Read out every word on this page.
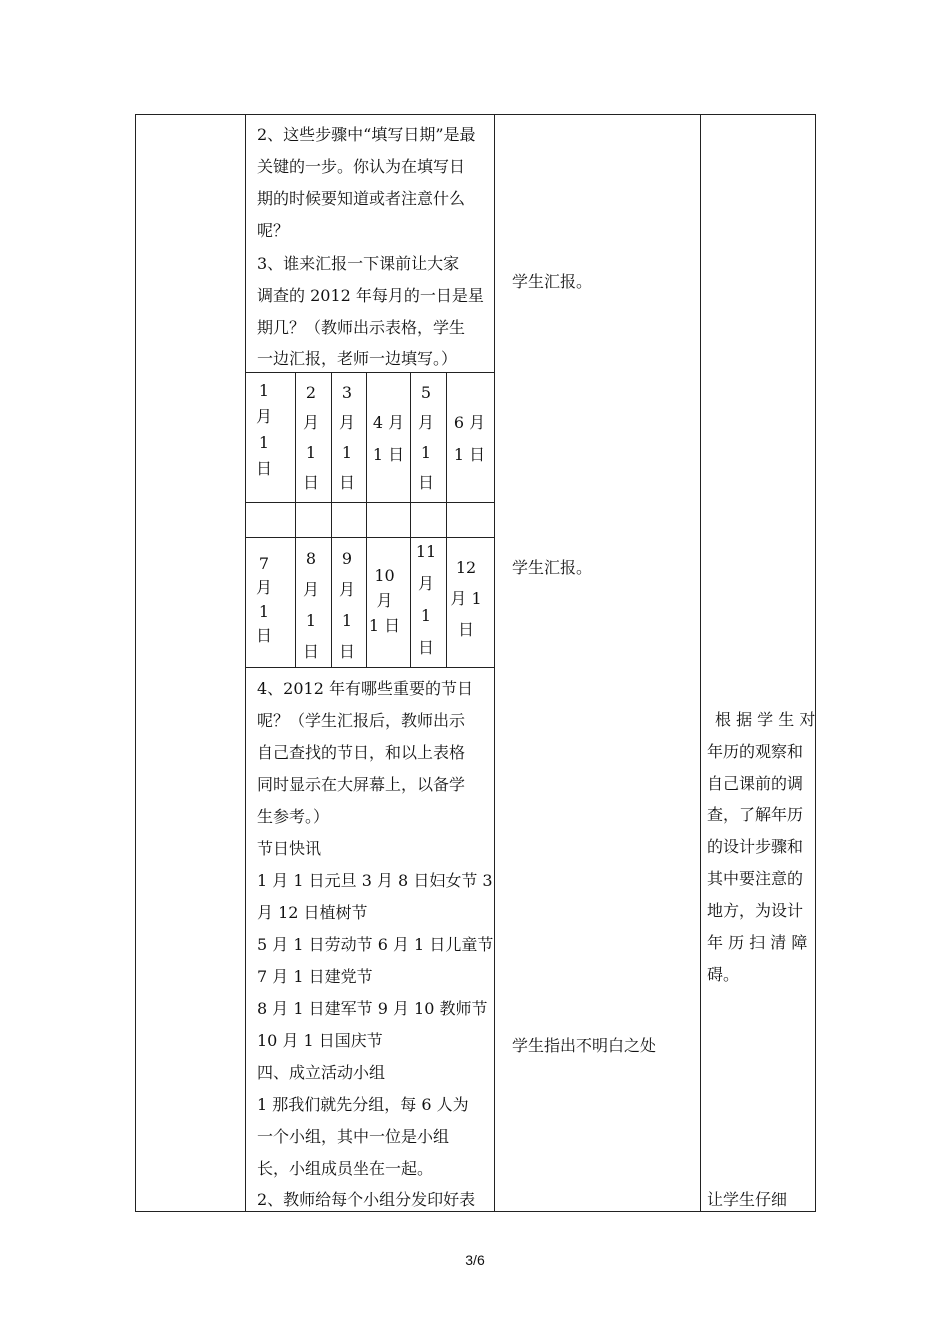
2、这些步骤中“填写日期”是最
关键的一步。你认为在填写日
期的时候要知道或者注意什么
呢？
3、谁来汇报一下课前让大家
调查的 2012 年每月的一日是星
期几？（教师出示表格，学生
一边汇报，老师一边填写。）
1
月
1
日
2
月
1
日
3
月
1
日
4 月
1 日
5
月
1
日
6 月
1 日
7
月
1
日
8
月
1
日
9
月
1
日
10
月
1 日
11
月
1
日
12
月 1
日
4、2012 年有哪些重要的节日
呢？（学生汇报后，教师出示
自己查找的节日，和以上表格
同时显示在大屏幕上，以备学
生参考。）
节日快讯
1 月 1 日元旦 3 月 8 日妇女节 3
月 12 日植树节
5 月 1 日劳动节 6 月 1 日儿童节
7 月 1 日建党节
8 月 1 日建军节 9 月 10 教师节
10 月 1 日国庆节
四、成立活动小组
1 那我们就先分组，每 6 人为
一个小组，其中一位是小组
长，小组成员坐在一起。
2、教师给每个小组分发印好表
学生汇报。
学生汇报。
学生指出不明白之处
根 据 学 生 对
年历的观察和
自己课前的调
查，了解年历
的设计步骤和
其中要注意的
地方，为设计
年 历 扫 清 障
碍。
让学生仔细
3/6
